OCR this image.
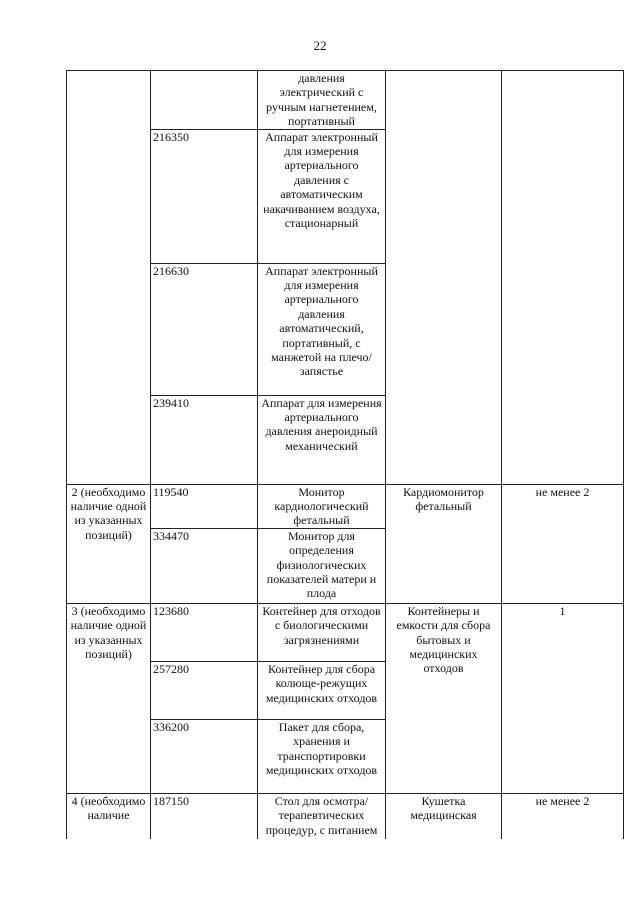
22
		давления электрический с ручным нагнетением, портативный		
	216350	Аппарат электронный для измерения артериального давления с автоматическим накачиванием воздуха, стационарный		
	216630	Аппарат электронный для измерения артериального давления автоматический, портативный, с манжетой на плечо/запястье		
	239410	Аппарат для измерения артериального давления анероидный механический		
2 (необходимо наличие одной из указанных позиций)	119540	Монитор кардиологический фетальный	Кардиомонитор фетальный	не менее 2
	334470	Монитор для определения физиологических показателей матери и плода		
3 (необходимо наличие одной из указанных позиций)	123680	Контейнер для отходов с биологическими загрязнениями	Контейнеры и емкости для сбора бытовых и медицинских отходов	1
	257280	Контейнер для сбора колюще-режущих медицинских отходов		
	336200	Пакет для сбора, хранения и транспортировки медицинских отходов		
4 (необходимо наличие	187150	Стол для осмотра/ терапевтических процедур, с питанием	Кушетка медицинская	не менее 2
